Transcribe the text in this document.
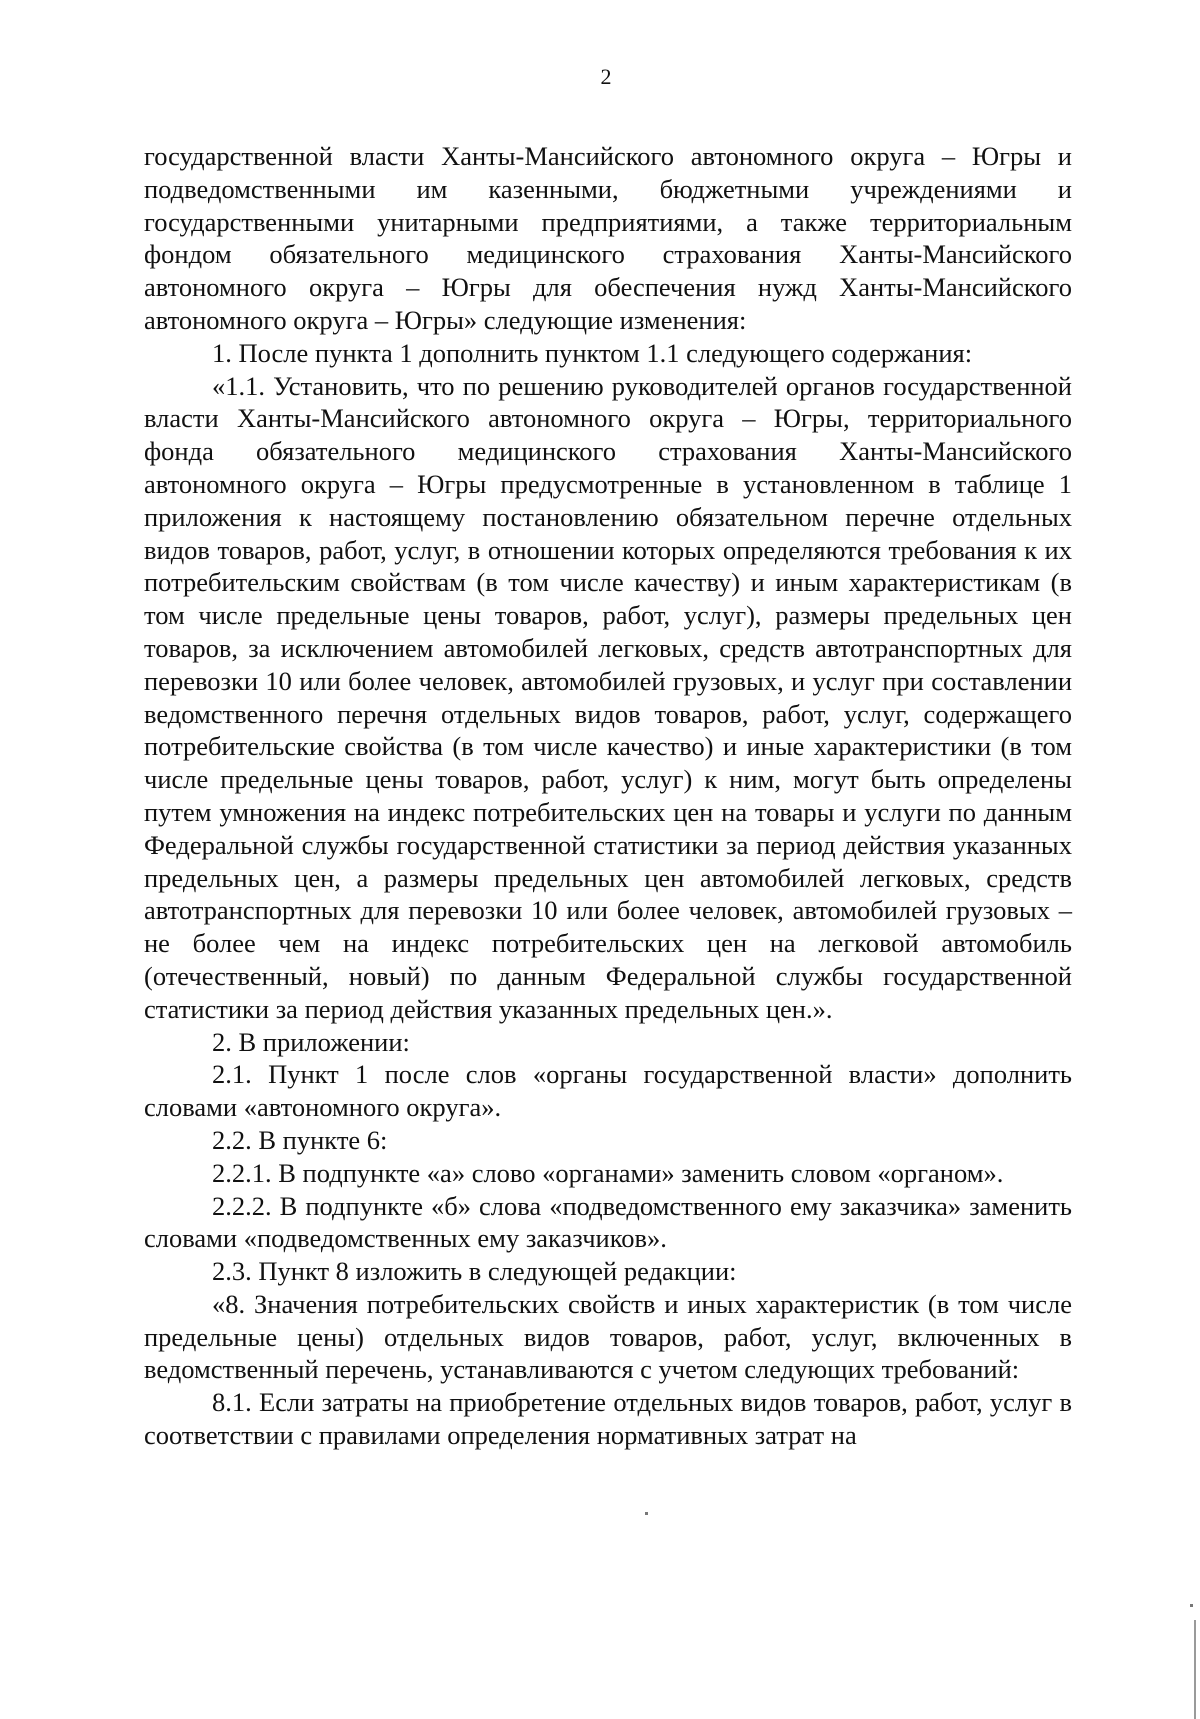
2

государственной власти Ханты-Мансийского автономного округа – Югры и подведомственными им казенными, бюджетными учреждениями и государственными унитарными предприятиями, а также территориальным фондом обязательного медицинского страхования Ханты-Мансийского автономного округа – Югры для обеспечения нужд Ханты-Мансийского автономного округа – Югры» следующие изменения:

1. После пункта 1 дополнить пунктом 1.1 следующего содержания:

«1.1. Установить, что по решению руководителей органов государственной власти Ханты-Мансийского автономного округа – Югры, территориального фонда обязательного медицинского страхования Ханты-Мансийского автономного округа – Югры предусмотренные в установленном в таблице 1 приложения к настоящему постановлению обязательном перечне отдельных видов товаров, работ, услуг, в отношении которых определяются требования к их потребительским свойствам (в том числе качеству) и иным характеристикам (в том числе предельные цены товаров, работ, услуг), размеры предельных цен товаров, за исключением автомобилей легковых, средств автотранспортных для перевозки 10 или более человек, автомобилей грузовых, и услуг при составлении ведомственного перечня отдельных видов товаров, работ, услуг, содержащего потребительские свойства (в том числе качество) и иные характеристики (в том числе предельные цены товаров, работ, услуг) к ним, могут быть определены путем умножения на индекс потребительских цен на товары и услуги по данным Федеральной службы государственной статистики за период действия указанных предельных цен, а размеры предельных цен автомобилей легковых, средств автотранспортных для перевозки 10 или более человек, автомобилей грузовых – не более чем на индекс потребительских цен на легковой автомобиль (отечественный, новый) по данным Федеральной службы государственной статистики за период действия указанных предельных цен.».

2. В приложении:

2.1. Пункт 1 после слов «органы государственной власти» дополнить словами «автономного округа».

2.2. В пункте 6:

2.2.1. В подпункте «а» слово «органами» заменить словом «органом».

2.2.2. В подпункте «б» слова «подведомственного ему заказчика» заменить словами «подведомственных ему заказчиков».

2.3. Пункт 8 изложить в следующей редакции:

«8. Значения потребительских свойств и иных характеристик (в том числе предельные цены) отдельных видов товаров, работ, услуг, включенных в ведомственный перечень, устанавливаются с учетом следующих требований:

8.1. Если затраты на приобретение отдельных видов товаров, работ, услуг в соответствии с правилами определения нормативных затрат на
